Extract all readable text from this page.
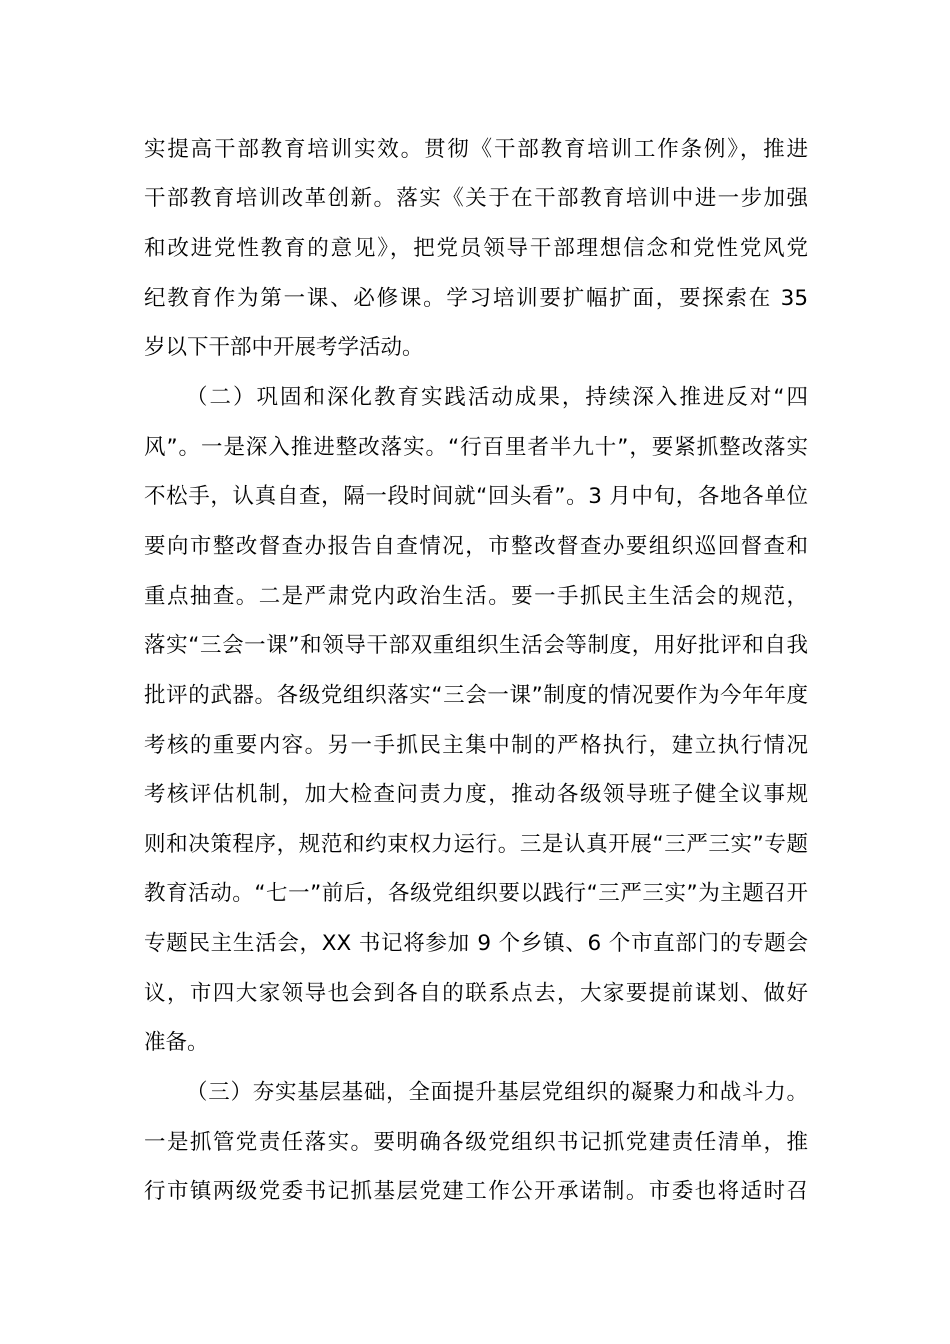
实提高干部教育培训实效。贯彻《干部教育培训工作条例》，推进
干部教育培训改革创新。落实《关于在干部教育培训中进一步加强
和改进党性教育的意见》，把党员领导干部理想信念和党性党风党
纪教育作为第一课、必修课。学习培训要扩幅扩面，要探索在 35
岁以下干部中开展考学活动。
（二）巩固和深化教育实践活动成果，持续深入推进反对“四
风”。一是深入推进整改落实。“行百里者半九十”，要紧抓整改落实
不松手，认真自查，隔一段时间就“回头看”。3 月中旬，各地各单位
要向市整改督查办报告自查情况，市整改督查办要组织巡回督查和
重点抽查。二是严肃党内政治生活。要一手抓民主生活会的规范，
落实“三会一课”和领导干部双重组织生活会等制度，用好批评和自我
批评的武器。各级党组织落实“三会一课”制度的情况要作为今年年度
考核的重要内容。另一手抓民主集中制的严格执行，建立执行情况
考核评估机制，加大检查问责力度，推动各级领导班子健全议事规
则和决策程序，规范和约束权力运行。三是认真开展“三严三实”专题
教育活动。“七一”前后，各级党组织要以践行“三严三实”为主题召开
专题民主生活会，XX 书记将参加 9 个乡镇、6 个市直部门的专题会
议，市四大家领导也会到各自的联系点去，大家要提前谋划、做好
准备。
（三）夯实基层基础，全面提升基层党组织的凝聚力和战斗力。
一是抓管党责任落实。要明确各级党组织书记抓党建责任清单，推
行市镇两级党委书记抓基层党建工作公开承诺制。市委也将适时召
